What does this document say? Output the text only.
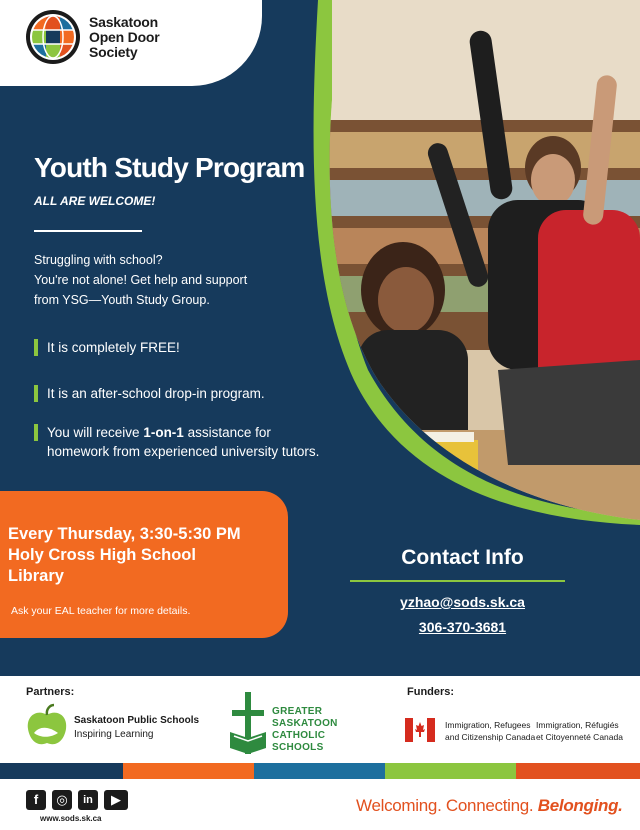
Saskatoon
Open Door
Society
Youth Study Program
ALL ARE WELCOME!
Struggling with school?
You're not alone! Get help and support
from YSG—Youth Study Group.
It is completely FREE!
It is an after-school drop-in program.
You will receive 1-on-1 assistance for homework from experienced university tutors.
Every Thursday, 3:30-5:30 PM
Holy Cross High School
Library
Ask your EAL teacher for more details.
Contact Info
yzhao@sods.sk.ca
306-370-3681
Partners:
Saskatoon Public Schools
Inspiring Learning
GREATER
SASKATOON
CATHOLIC
SCHOOLS
Funders:
Immigration, Refugees
and Citizenship Canada
Immigration, Réfugiés
et Citoyenneté Canada
f	◎	in	▶
www.sods.sk.ca
Welcoming. Connecting. Belonging.
